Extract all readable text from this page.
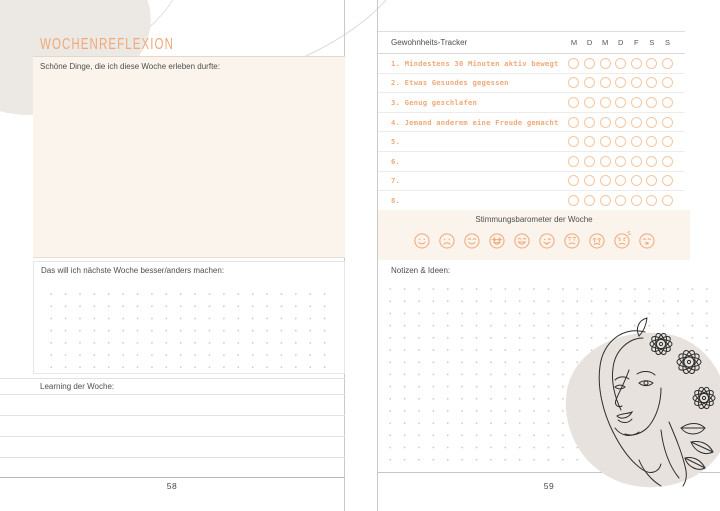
WOCHENREFLEXION
Schöne Dinge, die ich diese Woche erleben durfte:
Das will ich nächste Woche besser/anders machen:
Learning der Woche:
58
Gewohnheits-Tracker	M	D	M	D	F	S	S
1. Mindestens 30 Minuten aktiv bewegt
2. Etwas Gesundes gegessen
3. Genug geschlafen
4. Jemand anderem eine Freude gemacht
5.
6.
7.
8.
Stimmungsbarometer der Woche
Notizen & Ideen:
59
